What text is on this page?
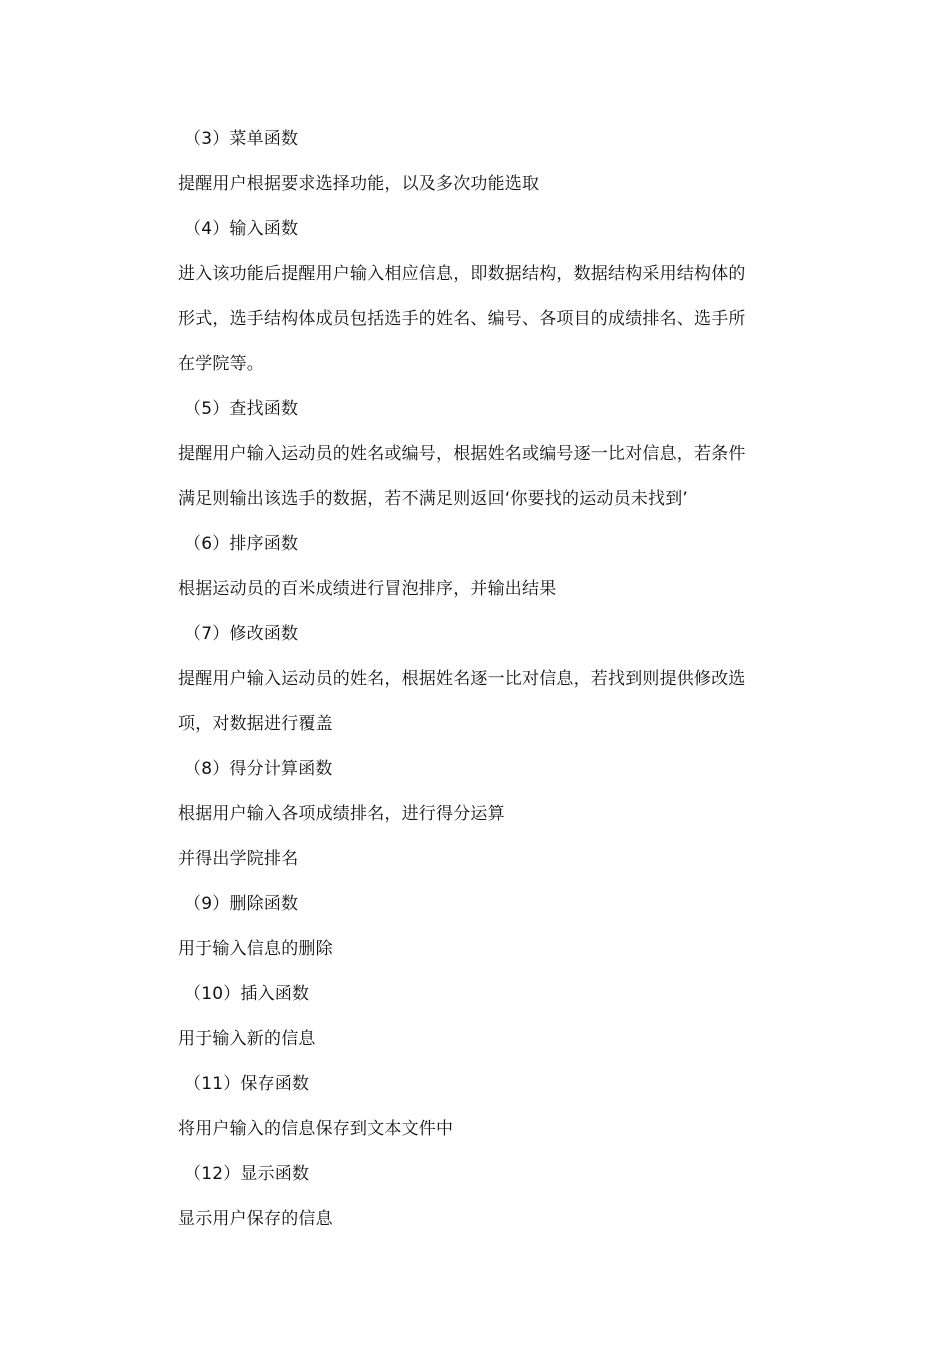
（3）菜单函数
提醒用户根据要求选择功能，以及多次功能选取
（4）输入函数
进入该功能后提醒用户输入相应信息，即数据结构，数据结构采用结构体的
形式，选手结构体成员包括选手的姓名、编号、各项目的成绩排名、选手所
在学院等。
（5）查找函数
提醒用户输入运动员的姓名或编号，根据姓名或编号逐一比对信息，若条件
满足则输出该选手的数据，若不满足则返回‘你要找的运动员未找到’
（6）排序函数
根据运动员的百米成绩进行冒泡排序，并输出结果
（7）修改函数
提醒用户输入运动员的姓名，根据姓名逐一比对信息，若找到则提供修改选
项，对数据进行覆盖
（8）得分计算函数
根据用户输入各项成绩排名，进行得分运算
并得出学院排名
（9）删除函数
用于输入信息的删除
（10）插入函数
用于输入新的信息
（11）保存函数
将用户输入的信息保存到文本文件中
（12）显示函数
显示用户保存的信息
